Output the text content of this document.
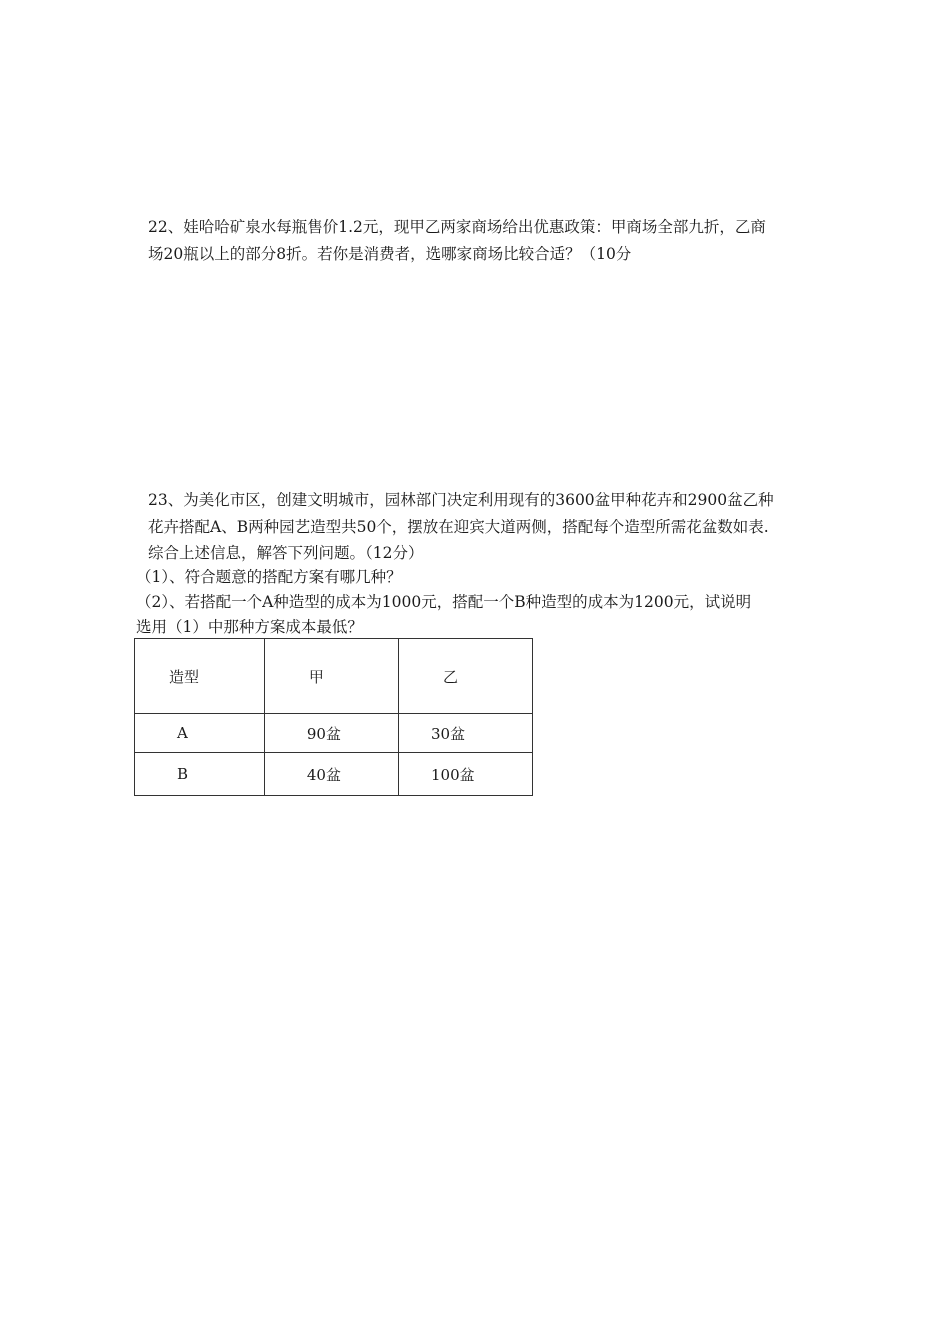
22、娃哈哈矿泉水每瓶售价1.2元，现甲乙两家商场给出优惠政策：甲商场全部九折，乙商
场20瓶以上的部分8折。若你是消费者，选哪家商场比较合适？（10分
23、为美化市区，创建文明城市，园林部门决定利用现有的3600盆甲种花卉和2900盆乙种
花卉搭配A、B两种园艺造型共50个，摆放在迎宾大道两侧，搭配每个造型所需花盆数如表.
综合上述信息，解答下列问题。（12分）
（1）、符合题意的搭配方案有哪几种？
（2）、若搭配一个A种造型的成本为1000元，搭配一个B种造型的成本为1200元，试说明
选用（1）中那种方案成本最低？
造型	甲	乙
A	90盆	30盆
B	40盆	100盆
